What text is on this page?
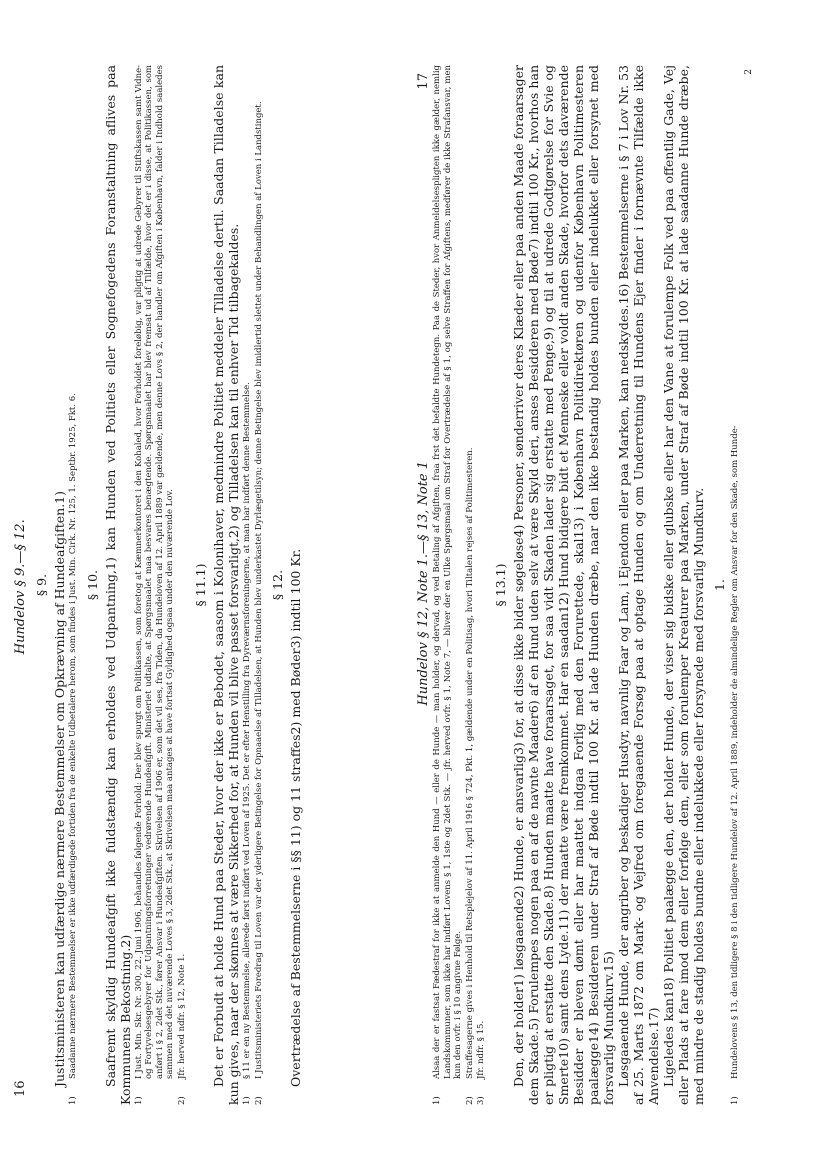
16
Hundelov § 9.—§ 12. § 9. Justitsministeren kan udfærdige nærmere Bestemmelser om Opkrævning af Hundeafgiften.1)

1)
Saadanne nærmere Bestemmelser er ikke udfærdigede fortiden fra de enkelte Udbetalere herom, som findes i Just. Min. Cirk. Nr. 125, 1. Septbr. 1925, Fkt. 6. § 10. Saafremt skyldig Hundeafgift ikke fuldstændig kan erholdes ved Udpantning,1) kan Hunden ved Politiets eller Sognefogedens Foranstaltning aflives paa Kommunens Bekostning.2) 1)
I Just. Min. Skr. Nr. 300, 22. Juni 1906, behandles følgende Forhold: Der blev spurgt om Politikassen, som foretog at Kæmnerkontoret i den Kohaled, hvor Forholdet foreløbig, var pligtig at udrede Gebyrer til Stiftskassen samt Vidne- og Fortyvelsesgebyrer for Udpantningsforretninger vedrørende Hundeafgift. Ministeriet udtalte, at Spørgsmaalet maa besvares benægtende. Spørgsmaalet har blev fremsat ud af Tilfælde, hvor det er i disse, at Politikassen, som anført i § 2, 2det Stk., fører Ansvar i Hundeafgiften. Skrivelsen af 1906 er, som det vil ses, fra Tiden, da Hundeloven af 12. April 1889 var gældende, men denne Lovs § 2, der handler om Afgiften i København, falder i Indhold saaledes sammen med det nuværende Loves § 3, 2det Stk., at Skrivelsen maa antages at have fortsat Gyldighed ogsaa under den nuværende Lov.
2)
Jfr. herved ndfr. § 12, Note 1.
§ 11.1) Det er Forbudt at holde Hund paa Steder, hvor der ikke er Bebodet, saasom i Kolonihaver, medmindre Politiet meddeler Tilladelse dertil. Saadan Tilladelse kan kun gives, naar der skønnes at være Sikkerhed for, at Hunden vil blive passet forsvarligt,2) og Tilladelsen kan til enhver Tid tilbagekaldes. 1)
§ 11 er en ny Bestemmelse, allerede først indført ved Loven af 1925. Det er efter Henstilling fra Dyreværnsforeningerne, at man har indført denne Bestemmelse.
2)
I Justitsministeriets Foredrag til Loven var der yderligere Betingelse for Opnaaelse af Tilladelsen, at Hunden blev underkastet Dyrlægetilsyn; denne Betingelse blev imidlertid slettet under Behandlingen af Loven i Landstinget. § 12. Overtrædelse af Bestemmelserne i §§ 11) og 11 straffes2) med Bøder3) indtil 100 Kr.	Hundelov § 12, Note 1.—§ 13, Note 1
17
1)
Alsaa der er fastsat Fædestraf for ikke at anmelde den Hund — eller de Hunde — man holder, og dervad, og ved Betaling af Afgiften, fraa frst det befaldte Hundetegn. Paa de Steder, hvor Anmeldelsespligten ikke gælder, nemlig Landskommuner, som ikke har indført Lovens § 1, 1ste og 2det Stk. — jfr. herved ovfr. § 1, Note 7, — bliver der en Ulke Spørgsmaal om Straf for Overtrædelse af § 1, og selve Straffen for Afgiftens, medfører de ikke Strafansvar, men kun den ovfr. i § 10 angivne Følge.
2)
Straffesagerne gives i Henhold til Retsplejelov af 11. April 1916 § 724, Pkt. 1, gældende under en Politisag, hvori Tiltalen rejses af Politimesteren.
3)
Jfr. ndfr. § 15.
§ 13.1) Den, der holder1) løsgaaende2) Hunde, er ansvarlig3) for, at disse ikke bider søgeløse4) Personer, sønderriver deres Klæder eller paa anden Maade foraarsager dem Skade.5) Forulempes nogen paa en af de navnte Maader6) af en Hund uden selv at være Skyld deri, anses Besidderen med Bøde7) indtil 100 Kr., hvorhos han er pligtig at erstatte den Skade.8) Hunden maatte have foraarsaget, for saa vidt Skaden lader sig erstatte med Penge,9) og til at udrede Godtgørelse for Svie og Smerte10) samt dens Lyde.11) der maatte være fremkommet. Har en saadan12) Hund bidigere bidt et Menneske eller voldt anden Skade, hvorfor dets daværende Besidder er bleven dømt eller har maattet indgaa Forlig med den Forurettede, skal13) i København Politidirektøren og udenfor København Politimesteren paalægge14) Besidderen under Straf af Bøde indtil 100 Kr. at lade Hunden dræbe, naar den ikke bestandig holdes bunden eller indelukket eller forsynet med forsvarlig Mundkurv.15) Løsgaaende Hunde, der angriber og beskadiger Husdyr, navnlig Faar og Lam, i Ejendom eller paa Marken, kan nedskydes.16) Bestemmelserne i § 7 i Lov Nr. 53 af 25. Marts 1872 om Mark- og Vejfred om foregaaende Forsøg paa at optage Hunden og om Underretning til Hundens Ejer finder i fornævnte Tilfælde ikke Anvendelse.17) Ligeledes kan18) Politiet paalægge den, der holder Hunde, der viser sig bidske eller glubske eller har den Vane at forulempe Folk ved paa offentlig Gade, Vej eller Plads at fare imod dem eller forfølge dem, eller som forulemper Kreaturer paa Marken, under Straf af Bøde indtil 100 Kr. at lade saadanne Hunde dræbe, med mindre de stadig holdes bundne eller indelukkede eller forsynede med forsvarlig Mundkurv. 1.
1)
Hundelovens § 13, den tidligere § 8 i den tidligere Hundelov af 12. April 1889, indeholder de almindelige Regler om Ansvar for den Skade, som Hunde-
2
